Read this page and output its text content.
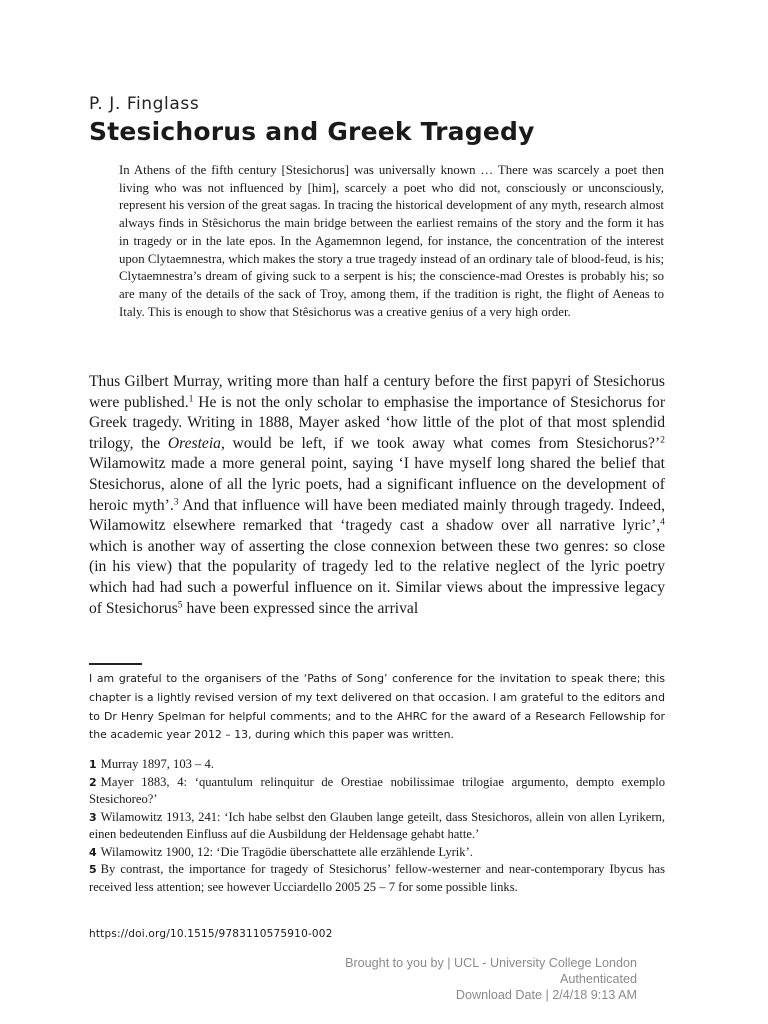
P. J. Finglass
Stesichorus and Greek Tragedy

In Athens of the fifth century [Stesichorus] was universally known … There was scarcely a poet then living who was not influenced by [him], scarcely a poet who did not, consciously or unconsciously, represent his version of the great sagas. In tracing the historical development of any myth, research almost always finds in Stêsichorus the main bridge between the earliest remains of the story and the form it has in tragedy or in the late epos. In the Agamemnon legend, for instance, the concentration of the interest upon Clytaemnestra, which makes the story a true tragedy instead of an ordinary tale of blood-feud, is his; Clytaemnestra’s dream of giving suck to a serpent is his; the conscience-mad Orestes is probably his; so are many of the details of the sack of Troy, among them, if the tradition is right, the flight of Aeneas to Italy. This is enough to show that Stêsichorus was a creative genius of a very high order.

Thus Gilbert Murray, writing more than half a century before the first papyri of Stesichorus were published.$^1$ He is not the only scholar to emphasise the importance of Stesichorus for Greek tragedy. Writing in 1888, Mayer asked ‘how little of the plot of that most splendid trilogy, the Oresteia, would be left, if we took away what comes from Stesichorus?’$^2$ Wilamowitz made a more general point, saying ‘I have myself long shared the belief that Stesichorus, alone of all the lyric poets, had a significant influence on the development of heroic myth’.$^3$ And that influence will have been mediated mainly through tragedy. Indeed, Wilamowitz elsewhere remarked that ‘tragedy cast a shadow over all narrative lyric’,$^4$ which is another way of asserting the close connexion between these two genres: so close (in his view) that the popularity of tragedy led to the relative neglect of the lyric poetry which had had such a powerful influence on it. Similar views about the impressive legacy of Stesichorus$^5$ have been expressed since the arrival

I am grateful to the organisers of the ‘Paths of Song’ conference for the invitation to speak there; this chapter is a lightly revised version of my text delivered on that occasion. I am grateful to the editors and to Dr Henry Spelman for helpful comments; and to the AHRC for the award of a Research Fellowship for the academic year 2012 – 13, during which this paper was written.

1 Murray 1897, 103 – 4.
2 Mayer 1883, 4: ‘quantulum relinquitur de Orestiae nobilissimae trilogiae argumento, dempto exemplo Stesichoreo?’
3 Wilamowitz 1913, 241: ‘Ich habe selbst den Glauben lange geteilt, dass Stesichoros, allein von allen Lyrikern, einen bedeutenden Einfluss auf die Ausbildung der Heldensage gehabt hatte.’
4 Wilamowitz 1900, 12: ‘Die Tragödie überschattete alle erzählende Lyrik’.
5 By contrast, the importance for tragedy of Stesichorus’ fellow-westerner and near-contemporary Ibycus has received less attention; see however Ucciardello 2005 25 – 7 for some possible links.
https://doi.org/10.1515/9783110575910-002
Brought to you by | UCL - University College London
Authenticated
Download Date | 2/4/18 9:13 AM
